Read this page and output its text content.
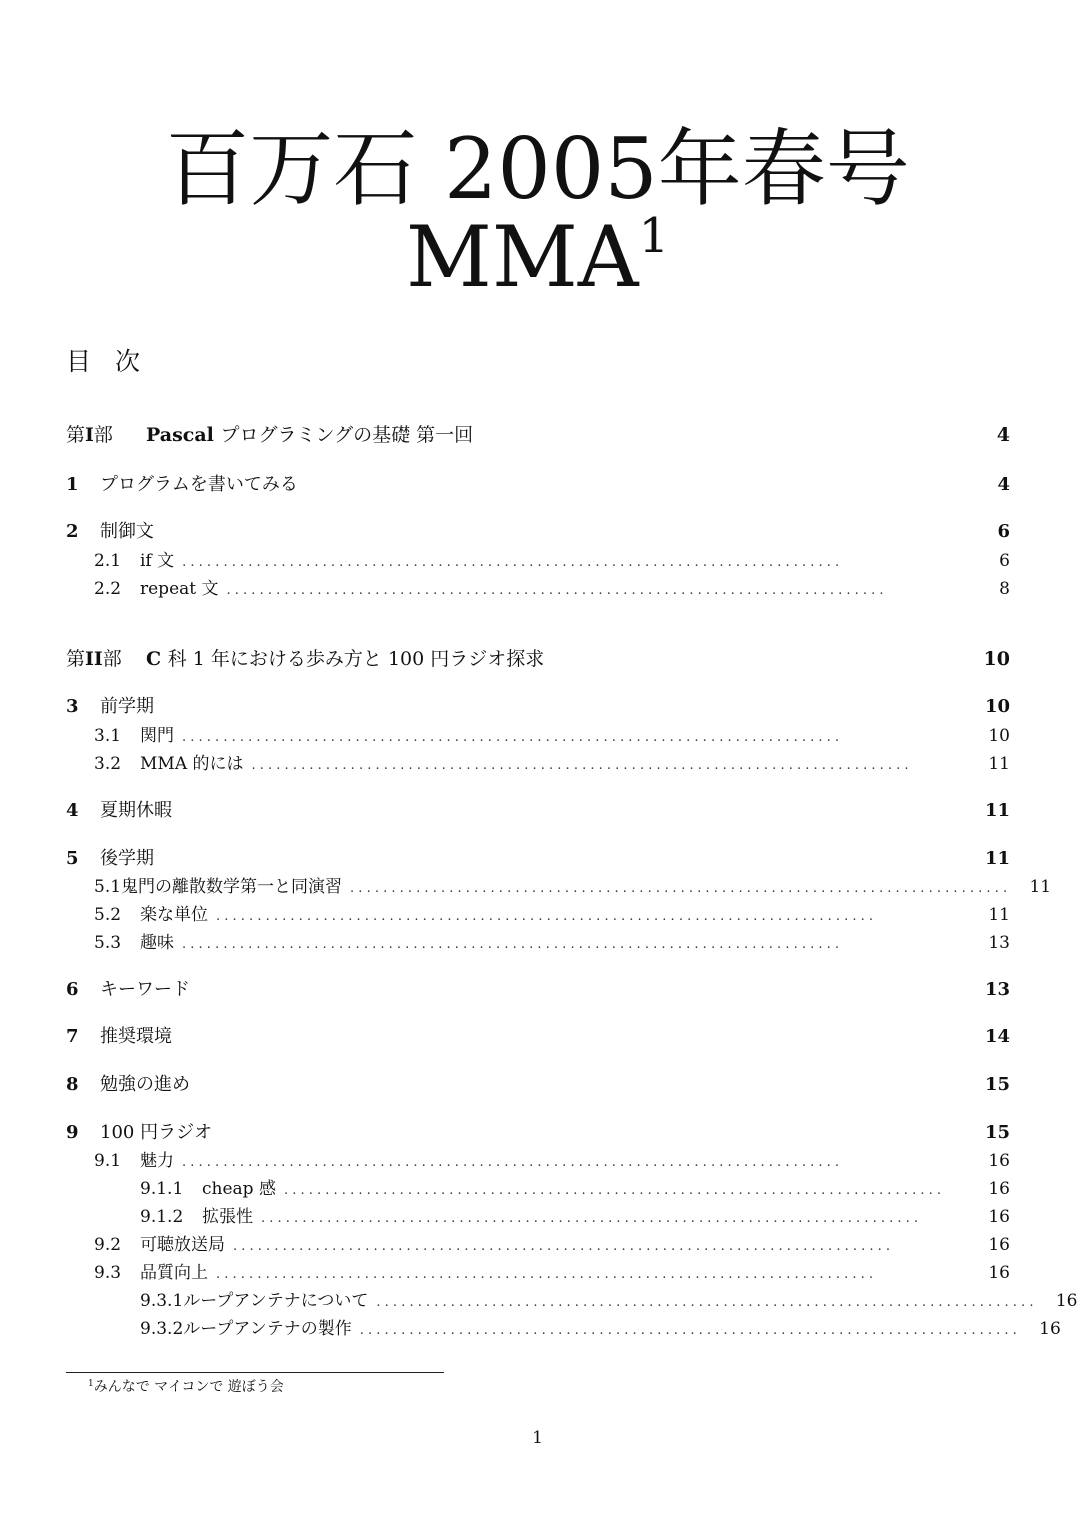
百万石 2005年春号
MMA$^1$
目 次
第I部	Pascal プログラミングの基礎 第一回	4
1	プログラムを書いてみる	4
2	制御文	6
2.1	if 文 . . . . . . . . . . . . . . . . . . . . . . . . . . . . . . . . . . . . . . . . . . . . . . . . . . . . . . . . . . . . . . . . . . . . . . . . . . . . . . . .	6
2.2	repeat 文 . . . . . . . . . . . . . . . . . . . . . . . . . . . . . . . . . . . . . . . . . . . . . . . . . . . . . . . . . . . . . . . . . . . . . . . . . . . . . . . .	8
第II部	C 科 1 年における歩み方と 100 円ラジオ探求	10
3	前学期	10
3.1	関門 . . . . . . . . . . . . . . . . . . . . . . . . . . . . . . . . . . . . . . . . . . . . . . . . . . . . . . . . . . . . . . . . . . . . . . . . . . . . . . . .	10
3.2	MMA 的には . . . . . . . . . . . . . . . . . . . . . . . . . . . . . . . . . . . . . . . . . . . . . . . . . . . . . . . . . . . . . . . . . . . . . . . . . . . . . . . .	11
4	夏期休暇	11
5	後学期	11
5.1 鬼門の離散数学第一と同演習 . . . . . . . . . . . . . . . . . . . . . . . . . . . . . . . . . . . . . . . . . . . . . . . . . . . . . . . . . . . . . . . . . . . . . . . . . . . . . . . .	11
5.2	楽な単位 . . . . . . . . . . . . . . . . . . . . . . . . . . . . . . . . . . . . . . . . . . . . . . . . . . . . . . . . . . . . . . . . . . . . . . . . . . . . . . . .	11
5.3	趣味 . . . . . . . . . . . . . . . . . . . . . . . . . . . . . . . . . . . . . . . . . . . . . . . . . . . . . . . . . . . . . . . . . . . . . . . . . . . . . . . .	13
6	キーワード	13
7	推奨環境	14
8	勉強の進め	15
9	100 円ラジオ	15
9.1	魅力 . . . . . . . . . . . . . . . . . . . . . . . . . . . . . . . . . . . . . . . . . . . . . . . . . . . . . . . . . . . . . . . . . . . . . . . . . . . . . . . .	16
9.1.1	cheap 感 . . . . . . . . . . . . . . . . . . . . . . . . . . . . . . . . . . . . . . . . . . . . . . . . . . . . . . . . . . . . . . . . . . . . . . . . . . . . . . . .	16
9.1.2	拡張性 . . . . . . . . . . . . . . . . . . . . . . . . . . . . . . . . . . . . . . . . . . . . . . . . . . . . . . . . . . . . . . . . . . . . . . . . . . . . . . . .	16
9.2	可聴放送局 . . . . . . . . . . . . . . . . . . . . . . . . . . . . . . . . . . . . . . . . . . . . . . . . . . . . . . . . . . . . . . . . . . . . . . . . . . . . . . . .	16
9.3	品質向上 . . . . . . . . . . . . . . . . . . . . . . . . . . . . . . . . . . . . . . . . . . . . . . . . . . . . . . . . . . . . . . . . . . . . . . . . . . . . . . . .	16
9.3.1 ループアンテナについて . . . . . . . . . . . . . . . . . . . . . . . . . . . . . . . . . . . . . . . . . . . . . . . . . . . . . . . . . . . . . . . . . . . . . . . . . . . . . . . .	16
9.3.2 ループアンテナの製作 . . . . . . . . . . . . . . . . . . . . . . . . . . . . . . . . . . . . . . . . . . . . . . . . . . . . . . . . . . . . . . . . . . . . . . . . . . . . . . . .	16
$^1$みんなで マイコンで 遊ぼう会
1
